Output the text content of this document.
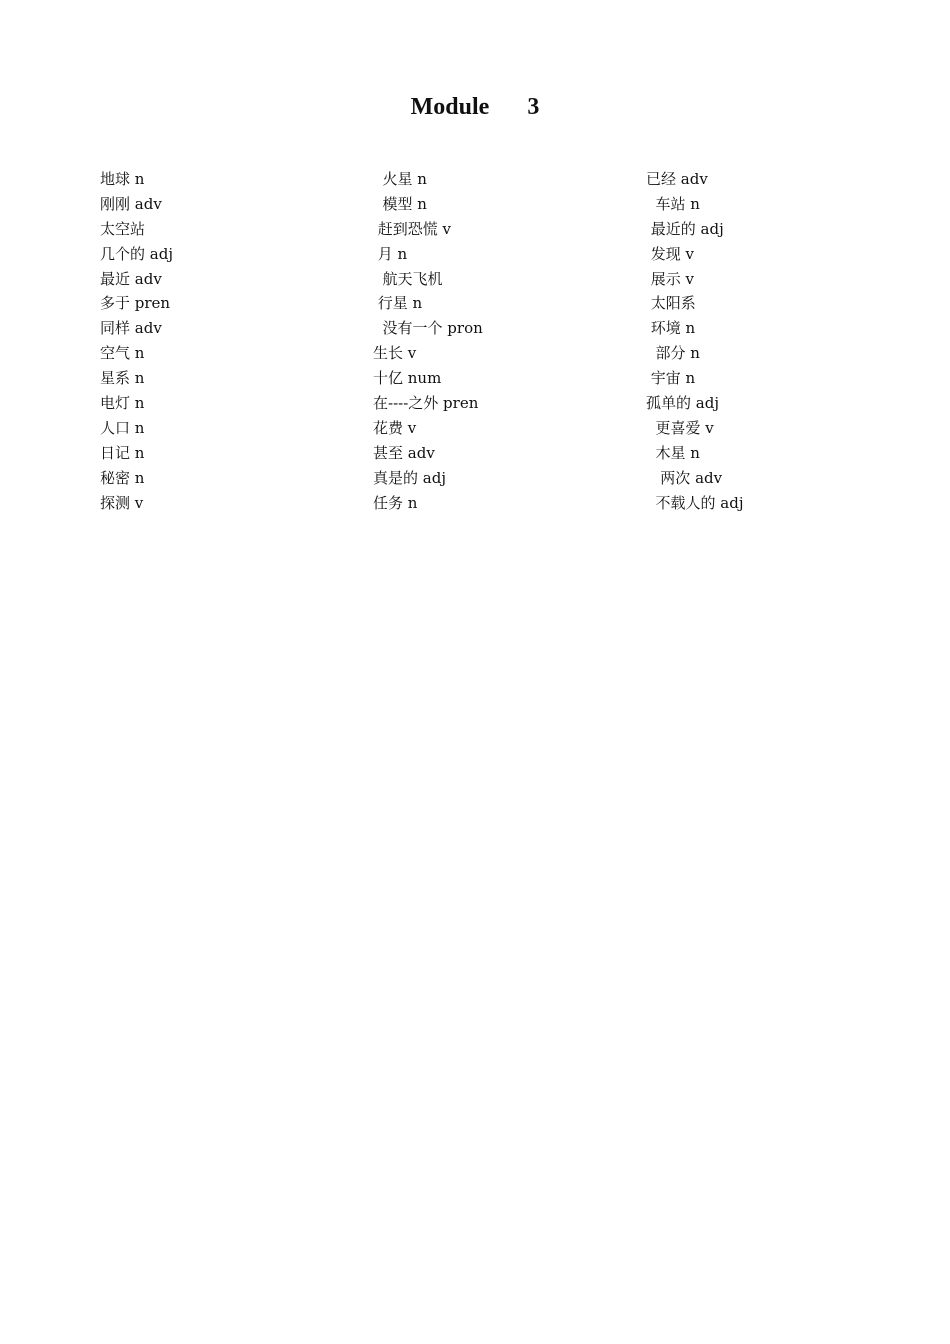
Module 3
地球 n
刚刚 adv
太空站
几个的 adj
最近 adv
多于 pren
同样 adv
空气 n
星系 n
电灯 n
人口 n
日记 n
秘密 n
探测 v
火星 n
模型 n
赶到恐慌 v
月 n
航天飞机
行星 n
没有一个 pron
生长 v
十亿 num
在----之外 pren
花费 v
甚至 adv
真是的 adj
任务 n
已经 adv
车站 n
最近的 adj
发现 v
展示 v
太阳系
环境 n
部分 n
宇宙 n
孤单的 adj
更喜爱 v
木星 n
两次 adv
不载人的 adj
